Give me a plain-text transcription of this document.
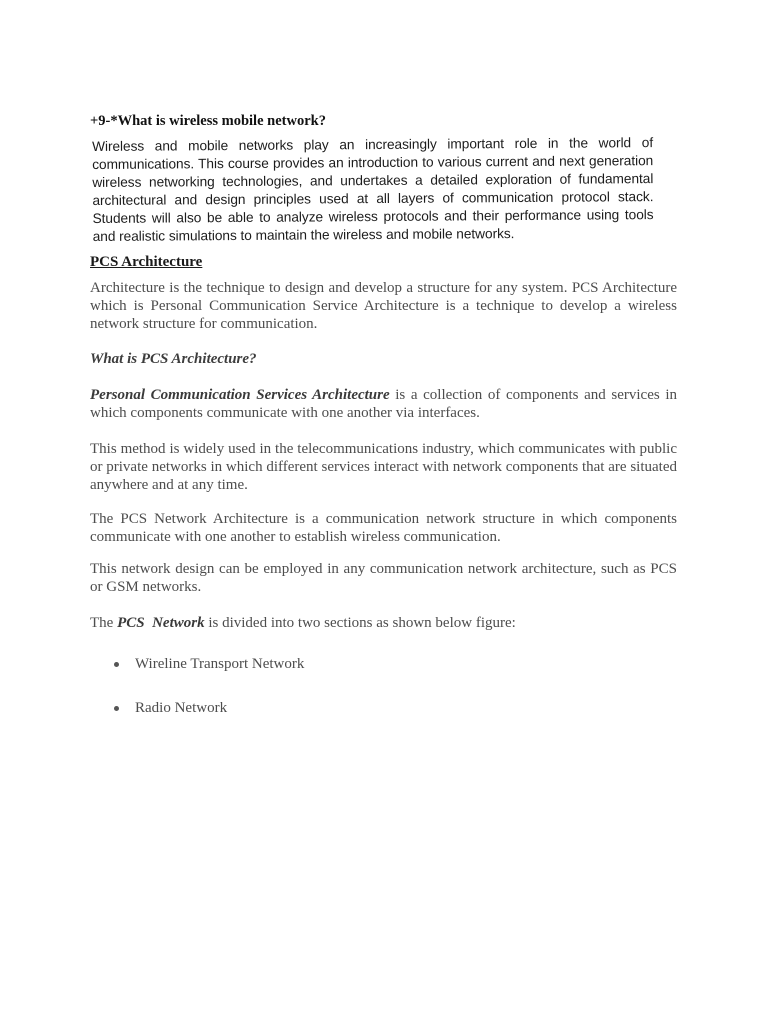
+9-*What is wireless mobile network?

Wireless and mobile networks play an increasingly important role in the world of communications. This course provides an introduction to various current and next generation wireless networking technologies, and undertakes a detailed exploration of fundamental architectural and design principles used at all layers of communication protocol stack. Students will also be able to analyze wireless protocols and their performance using tools and realistic simulations to maintain the wireless and mobile networks.

PCS Architecture

Architecture is the technique to design and develop a structure for any system. PCS Architecture which is Personal Communication Service Architecture is a technique to develop a wireless network structure for communication.

What is PCS Architecture?

Personal Communication Services Architecture is a collection of components and services in which components communicate with one another via interfaces.

This method is widely used in the telecommunications industry, which communicates with public or private networks in which different services interact with network components that are situated anywhere and at any time.

The PCS Network Architecture is a communication network structure in which components communicate with one another to establish wireless communication.

This network design can be employed in any communication network architecture, such as PCS or GSM networks.

The PCS  Network is divided into two sections as shown below figure:

Wireline Transport Network
Radio Network
